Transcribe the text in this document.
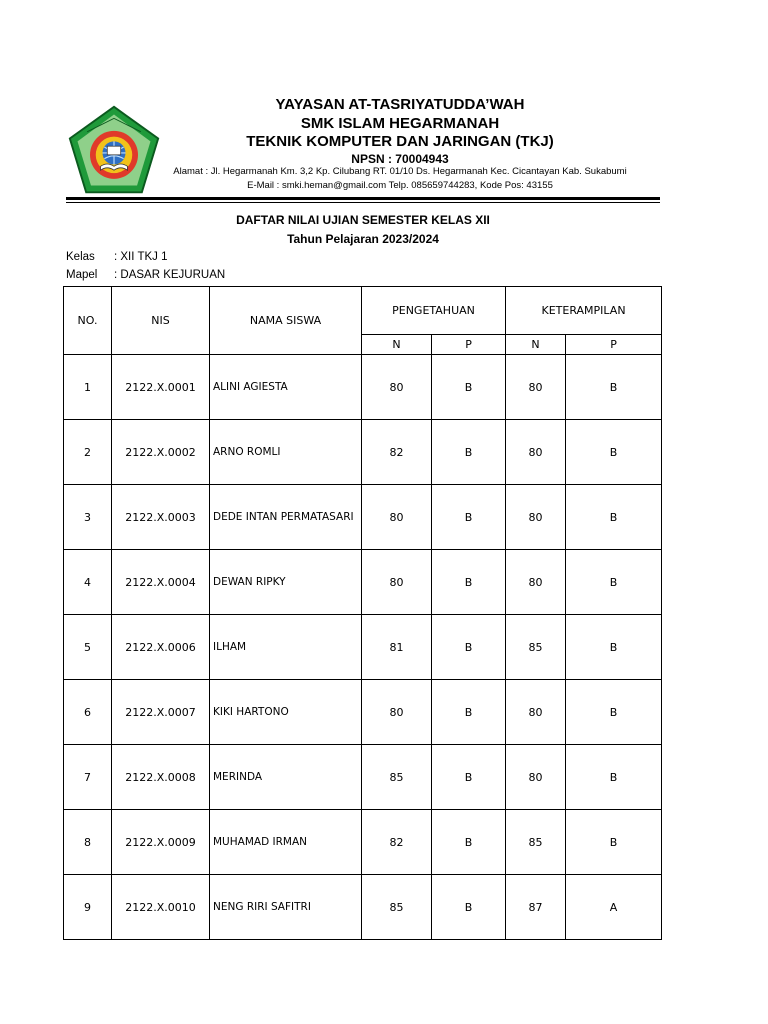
YAYASAN AT-TASRIYATUDDA’WAH
SMK ISLAM HEGARMANAH
TEKNIK KOMPUTER DAN JARINGAN (TKJ)
NPSN : 70004943
Alamat : Jl. Hegarmanah Km. 3,2 Kp. Cilubang RT. 01/10 Ds. Hegarmanah Kec. Cicantayan Kab. Sukabumi
E-Mail : smki.heman@gmail.com Telp. 085659744283, Kode Pos: 43155
DAFTAR NILAI UJIAN SEMESTER KELAS XII
Tahun Pelajaran 2023/2024
Kelas : XII TKJ 1
Mapel : DASAR KEJURUAN
NO.	NIS	NAMA SISWA	PENGETAHUAN		KETERAMPILAN	
			N	P	N	P
1	2122.X.0001	ALINI AGIESTA	80	B	80	B
2	2122.X.0002	ARNO ROMLI	82	B	80	B
3	2122.X.0003	DEDE INTAN PERMATASARI	80	B	80	B
4	2122.X.0004	DEWAN RIPKY	80	B	80	B
5	2122.X.0006	ILHAM	81	B	85	B
6	2122.X.0007	KIKI HARTONO	80	B	80	B
7	2122.X.0008	MERINDA	85	B	80	B
8	2122.X.0009	MUHAMAD IRMAN	82	B	85	B
9	2122.X.0010	NENG RIRI SAFITRI	85	B	87	A
